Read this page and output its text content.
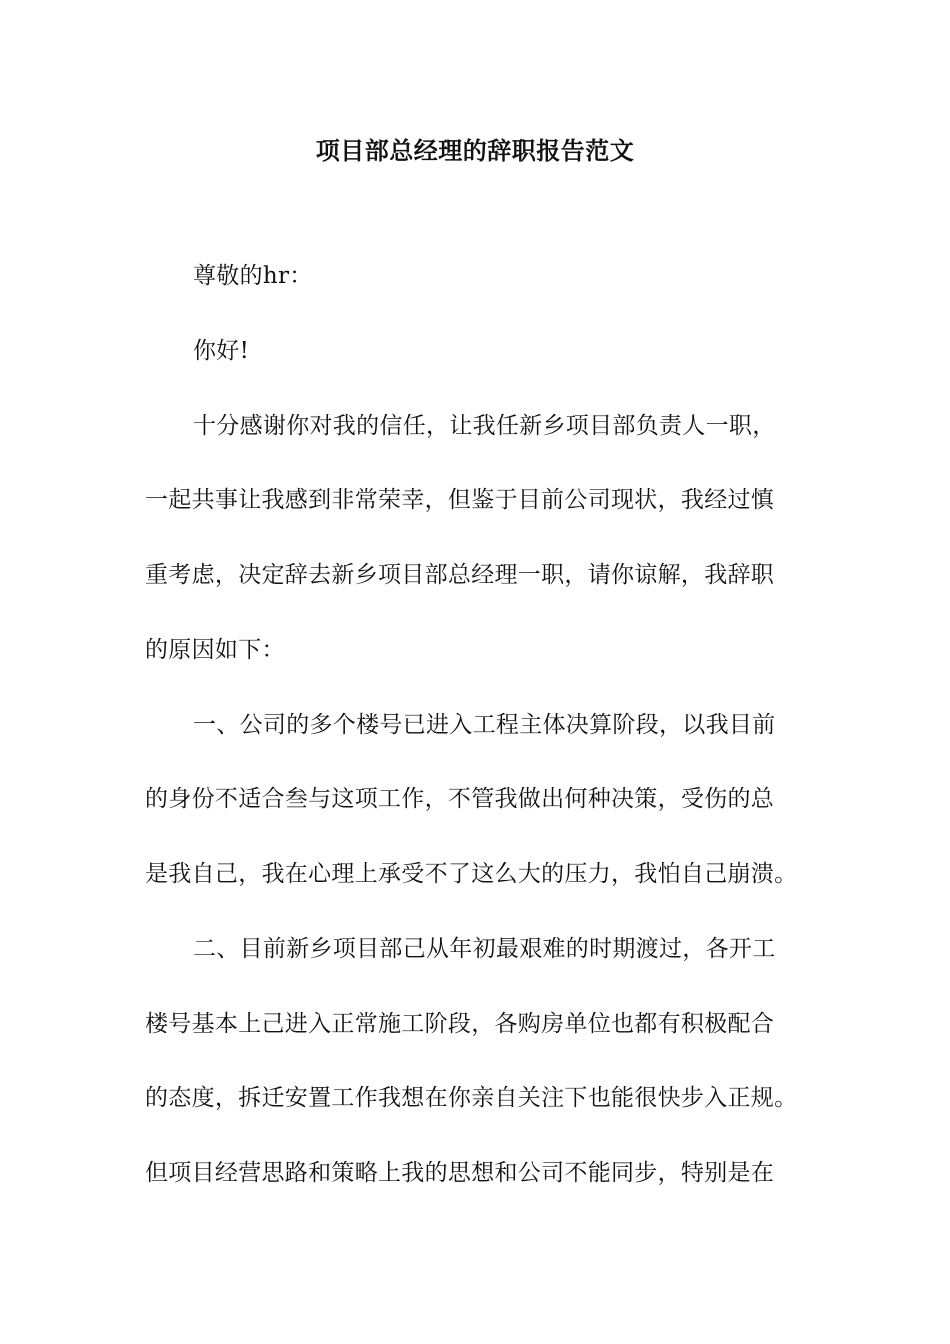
项目部总经理的辞职报告范文

尊敬的hr：

你好!

十分感谢你对我的信任，让我任新乡项目部负责人一职，

一起共事让我感到非常荣幸，但鉴于目前公司现状，我经过慎

重考虑，决定辞去新乡项目部总经理一职，请你谅解，我辞职

的原因如下：

一、公司的多个楼号已进入工程主体决算阶段，以我目前

的身份不适合叁与这项工作，不管我做出何种决策，受伤的总

是我自己，我在心理上承受不了这么大的压力，我怕自己崩溃。

二、目前新乡项目部己从年初最艰难的时期渡过，各开工

楼号基本上己进入正常施工阶段，各购房单位也都有积极配合

的态度，拆迁安置工作我想在你亲自关注下也能很快步入正规。

但项目经营思路和策略上我的思想和公司不能同步，特别是在
